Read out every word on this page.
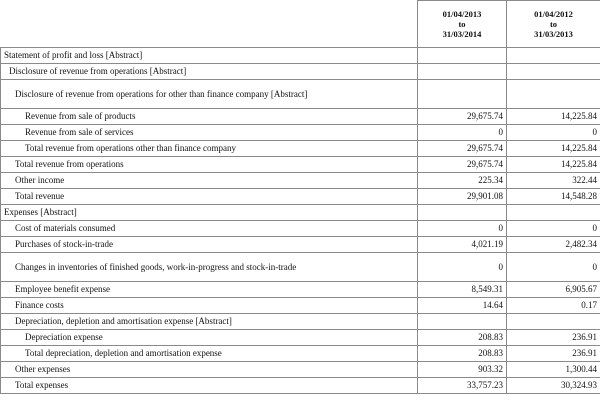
	01/04/2013
to
31/03/2014	01/04/2012
to
31/03/2013

Statement of profit and loss [Abstract]		
Disclosure of revenue from operations [Abstract]		
Disclosure of revenue from operations for other than finance company [Abstract]		
Revenue from sale of products	29,675.74	14,225.84
Revenue from sale of services	0	0
Total revenue from operations other than finance company	29,675.74	14,225.84
Total revenue from operations	29,675.74	14,225.84
Other income	225.34	322.44
Total revenue	29,901.08	14,548.28
Expenses [Abstract]		
Cost of materials consumed	0	0
Purchases of stock-in-trade	4,021.19	2,482.34
Changes in inventories of finished goods, work-in-progress and stock-in-trade	0	0
Employee benefit expense	8,549.31	6,905.67
Finance costs	14.64	0.17
Depreciation, depletion and amortisation expense [Abstract]		
Depreciation expense	208.83	236.91
Total depreciation, depletion and amortisation expense	208.83	236.91
Other expenses	903.32	1,300.44
Total expenses	33,757.23	30,324.93
